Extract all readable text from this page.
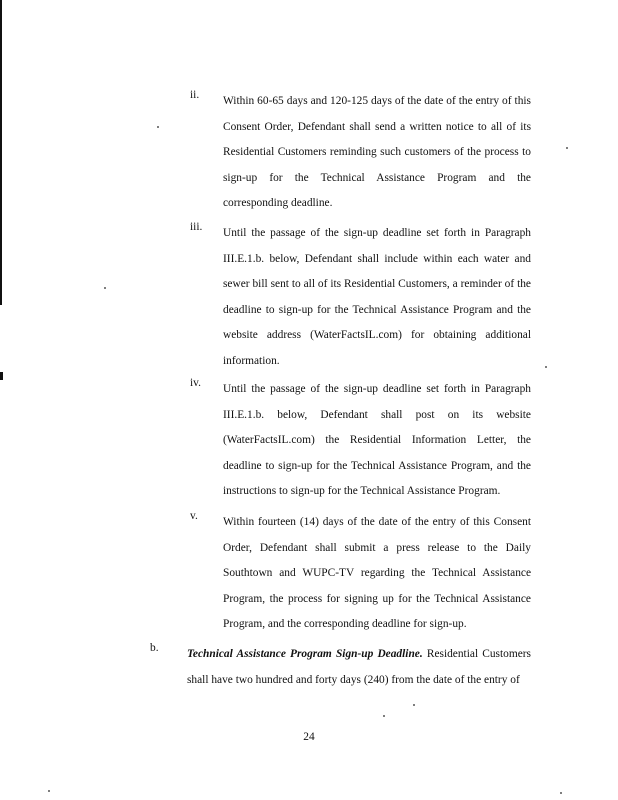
ii. Within 60-65 days and 120-125 days of the date of the entry of this Consent Order, Defendant shall send a written notice to all of its Residential Customers reminding such customers of the process to sign-up for the Technical Assistance Program and the corresponding deadline.
iii. Until the passage of the sign-up deadline set forth in Paragraph III.E.1.b. below, Defendant shall include within each water and sewer bill sent to all of its Residential Customers, a reminder of the deadline to sign-up for the Technical Assistance Program and the website address (WaterFactsIL.com) for obtaining additional information.
iv. Until the passage of the sign-up deadline set forth in Paragraph III.E.1.b. below, Defendant shall post on its website (WaterFactsIL.com) the Residential Information Letter, the deadline to sign-up for the Technical Assistance Program, and the instructions to sign-up for the Technical Assistance Program.
v. Within fourteen (14) days of the date of the entry of this Consent Order, Defendant shall submit a press release to the Daily Southtown and WUPC-TV regarding the Technical Assistance Program, the process for signing up for the Technical Assistance Program, and the corresponding deadline for sign-up.
b. Technical Assistance Program Sign-up Deadline. Residential Customers shall have two hundred and forty days (240) from the date of the entry of
24
